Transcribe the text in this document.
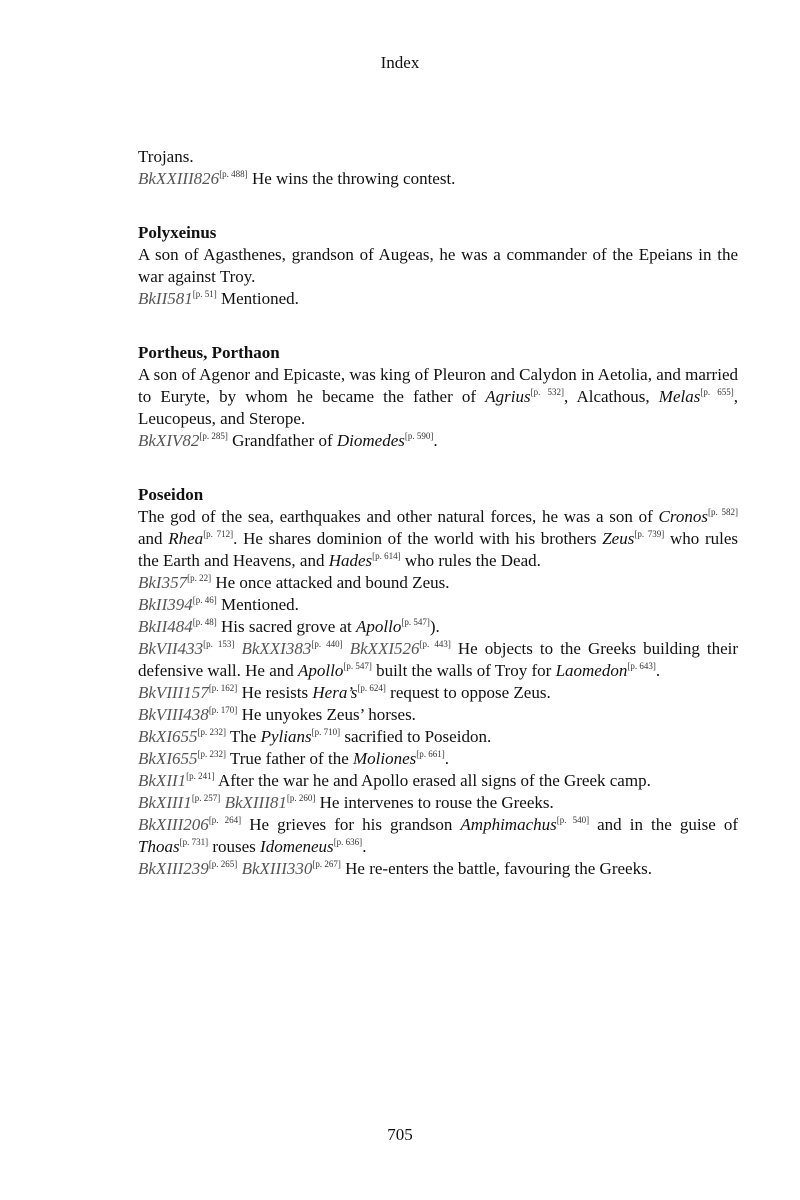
Index

Trojans.

BkXXIII826[p. 488] He wins the throwing contest.

Polyxeinus

A son of Agasthenes, grandson of Augeas, he was a commander of the Epeians in the war against Troy.

BkII581[p. 51] Mentioned.

Portheus, Porthaon

A son of Agenor and Epicaste, was king of Pleuron and Calydon in Aetolia, and married to Euryte, by whom he became the father of Agrius[p. 532], Alcathous, Melas[p. 655], Leucopeus, and Sterope.

BkXIV82[p. 285] Grandfather of Diomedes[p. 590].

Poseidon

The god of the sea, earthquakes and other natural forces, he was a son of Cronos[p. 582] and Rhea[p. 712]. He shares dominion of the world with his brothers Zeus[p. 739] who rules the Earth and Heavens, and Hades[p. 614] who rules the Dead.

BkI357[p. 22] He once attacked and bound Zeus.

BkII394[p. 46] Mentioned.

BkII484[p. 48] His sacred grove at Apollo[p. 547]).

BkVII433[p. 153] BkXXI383[p. 440] BkXXI526[p. 443] He objects to the Greeks building their defensive wall. He and Apollo[p. 547] built the walls of Troy for Laomedon[p. 643].

BkVIII157[p. 162] He resists Hera’s[p. 624] request to oppose Zeus.

BkVIII438[p. 170] He unyokes Zeus’ horses.

BkXI655[p. 232] The Pylians[p. 710] sacrified to Poseidon.

BkXI655[p. 232] True father of the Moliones[p. 661].

BkXII1[p. 241] After the war he and Apollo erased all signs of the Greek camp.

BkXIII1[p. 257] BkXIII81[p. 260] He intervenes to rouse the Greeks.

BkXIII206[p. 264] He grieves for his grandson Amphimachus[p. 540] and in the guise of Thoas[p. 731] rouses Idomeneus[p. 636].

BkXIII239[p. 265] BkXIII330[p. 267] He re-enters the battle, favouring the Greeks.

705
